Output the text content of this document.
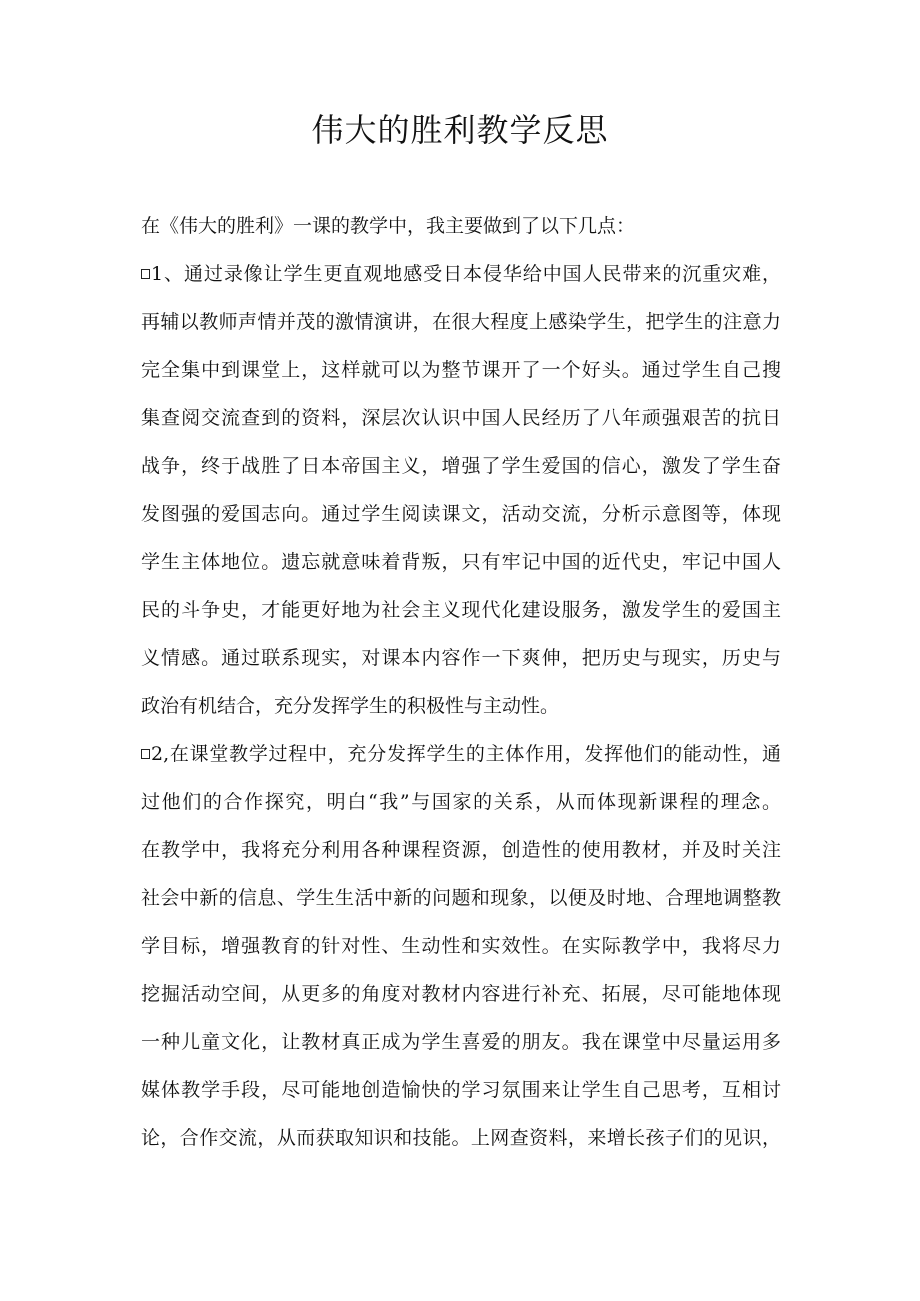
伟大的胜利教学反思

在《伟大的胜利》一课的教学中，我主要做到了以下几点：

1、通过录像让学生更直观地感受日本侵华给中国人民带来的沉重灾难，

再辅以教师声情并茂的激情演讲，在很大程度上感染学生，把学生的注意力

完全集中到课堂上，这样就可以为整节课开了一个好头。通过学生自己搜

集查阅交流查到的资料，深层次认识中国人民经历了八年顽强艰苦的抗日

战争，终于战胜了日本帝国主义，增强了学生爱国的信心，激发了学生奋

发图强的爱国志向。通过学生阅读课文，活动交流，分析示意图等，体现

学生主体地位。遗忘就意味着背叛，只有牢记中国的近代史，牢记中国人

民的斗争史，才能更好地为社会主义现代化建设服务，激发学生的爱国主

义情感。通过联系现实，对课本内容作一下爽伸，把历史与现实，历史与

政治有机结合，充分发挥学生的积极性与主动性。

2,在课堂教学过程中，充分发挥学生的主体作用，发挥他们的能动性，通

过他们的合作探究，明白“我”与国家的关系，从而体现新课程的理念。

在教学中，我将充分利用各种课程资源，创造性的使用教材，并及时关注

社会中新的信息、学生生活中新的问题和现象，以便及时地、合理地调整教

学目标，增强教育的针对性、生动性和实效性。在实际教学中，我将尽力

挖掘活动空间，从更多的角度对教材内容进行补充、拓展，尽可能地体现

一种儿童文化，让教材真正成为学生喜爱的朋友。我在课堂中尽量运用多

媒体教学手段，尽可能地创造愉快的学习氛围来让学生自己思考，互相讨

论，合作交流，从而获取知识和技能。上网查资料，来增长孩子们的见识，
